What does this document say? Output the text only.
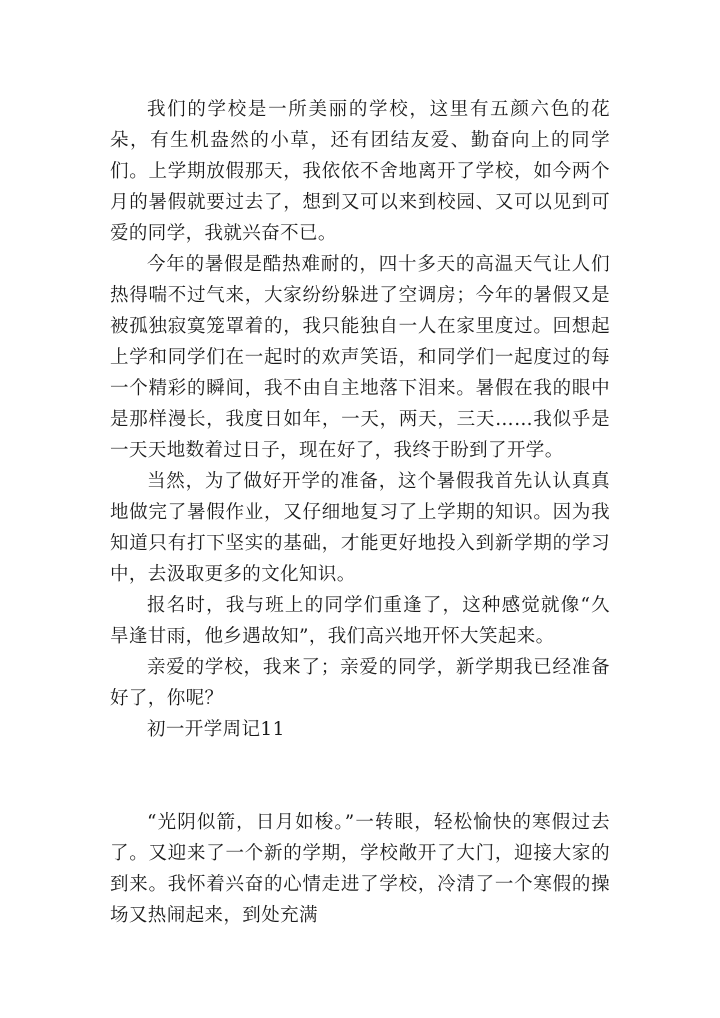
我们的学校是一所美丽的学校，这里有五颜六色的花朵，有生机盎然的小草，还有团结友爱、勤奋向上的同学们。上学期放假那天，我依依不舍地离开了学校，如今两个月的暑假就要过去了，想到又可以来到校园、又可以见到可爱的同学，我就兴奋不已。

今年的暑假是酷热难耐的，四十多天的高温天气让人们热得喘不过气来，大家纷纷躲进了空调房；今年的暑假又是被孤独寂寞笼罩着的，我只能独自一人在家里度过。回想起上学和同学们在一起时的欢声笑语，和同学们一起度过的每一个精彩的瞬间，我不由自主地落下泪来。暑假在我的眼中是那样漫长，我度日如年，一天，两天，三天……我似乎是一天天地数着过日子，现在好了，我终于盼到了开学。

当然，为了做好开学的准备，这个暑假我首先认认真真地做完了暑假作业，又仔细地复习了上学期的知识。因为我知道只有打下坚实的基础，才能更好地投入到新学期的学习中，去汲取更多的文化知识。

报名时，我与班上的同学们重逢了，这种感觉就像“久旱逢甘雨，他乡遇故知”，我们高兴地开怀大笑起来。

亲爱的学校，我来了；亲爱的同学，新学期我已经准备好了，你呢？

初一开学周记11

“光阴似箭，日月如梭。”一转眼，轻松愉快的寒假过去了。又迎来了一个新的学期，学校敞开了大门，迎接大家的到来。我怀着兴奋的心情走进了学校，冷清了一个寒假的操场又热闹起来，到处充满
